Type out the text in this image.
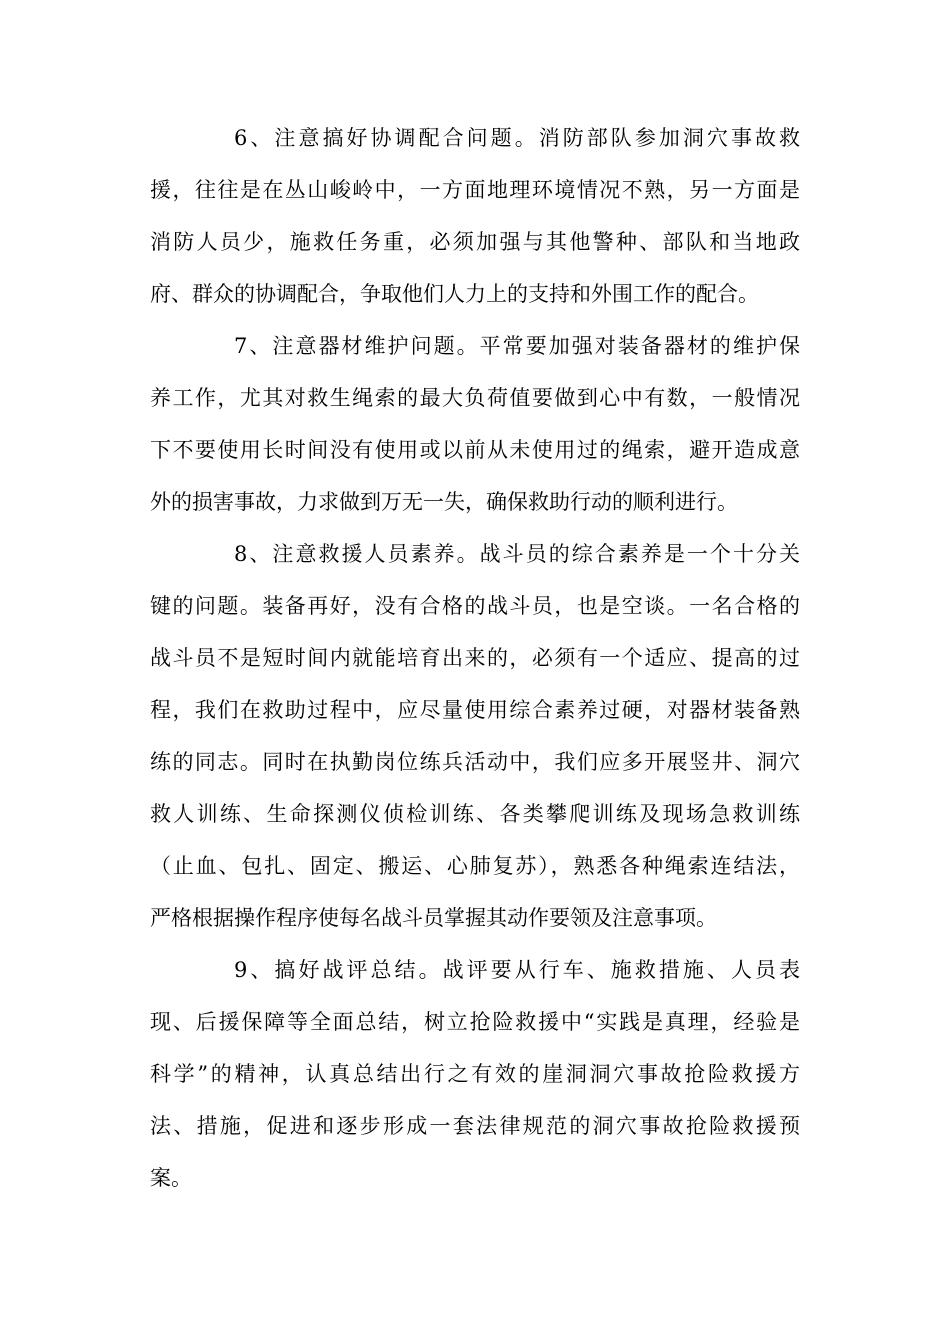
6、注意搞好协调配合问题。消防部队参加洞穴事故救
援，往往是在丛山峻岭中，一方面地理环境情况不熟，另一方面是
消防人员少，施救任务重，必须加强与其他警种、部队和当地政
府、群众的协调配合，争取他们人力上的支持和外围工作的配合。
7、注意器材维护问题。平常要加强对装备器材的维护保
养工作，尤其对救生绳索的最大负荷值要做到心中有数，一般情况
下不要使用长时间没有使用或以前从未使用过的绳索，避开造成意
外的损害事故，力求做到万无一失，确保救助行动的顺利进行。
8、注意救援人员素养。战斗员的综合素养是一个十分关
键的问题。装备再好，没有合格的战斗员，也是空谈。一名合格的
战斗员不是短时间内就能培育出来的，必须有一个适应、提高的过
程，我们在救助过程中，应尽量使用综合素养过硬，对器材装备熟
练的同志。同时在执勤岗位练兵活动中，我们应多开展竖井、洞穴
救人训练、生命探测仪侦检训练、各类攀爬训练及现场急救训练
（止血、包扎、固定、搬运、心肺复苏），熟悉各种绳索连结法，
严格根据操作程序使每名战斗员掌握其动作要领及注意事项。
9、搞好战评总结。战评要从行车、施救措施、人员表
现、后援保障等全面总结，树立抢险救援中“实践是真理，经验是
科学”的精神，认真总结出行之有效的崖洞洞穴事故抢险救援方
法、措施，促进和逐步形成一套法律规范的洞穴事故抢险救援预
案。
